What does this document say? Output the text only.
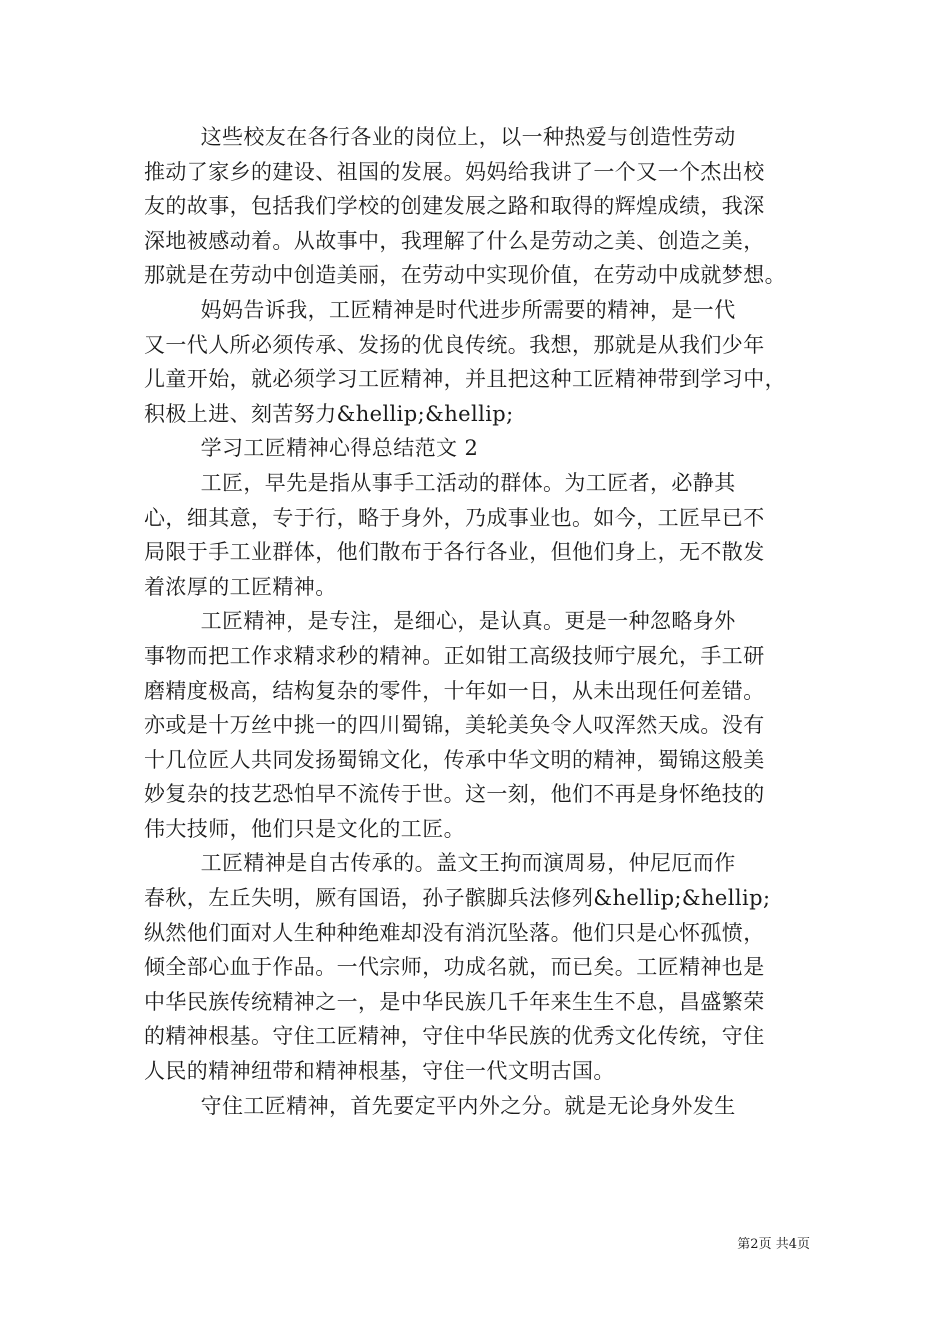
这些校友在各行各业的岗位上，以一种热爱与创造性劳动
推动了家乡的建设、祖国的发展。妈妈给我讲了一个又一个杰出校
友的故事，包括我们学校的创建发展之路和取得的辉煌成绩，我深
深地被感动着。从故事中，我理解了什么是劳动之美、创造之美，
那就是在劳动中创造美丽，在劳动中实现价值，在劳动中成就梦想。
妈妈告诉我，工匠精神是时代进步所需要的精神，是一代
又一代人所必须传承、发扬的优良传统。我想，那就是从我们少年
儿童开始，就必须学习工匠精神，并且把这种工匠精神带到学习中，
积极上进、刻苦努力&hellip;&hellip;
学习工匠精神心得总结范文 2
工匠，早先是指从事手工活动的群体。为工匠者，必静其
心，细其意，专于行，略于身外，乃成事业也。如今，工匠早已不
局限于手工业群体，他们散布于各行各业，但他们身上，无不散发
着浓厚的工匠精神。
工匠精神，是专注，是细心，是认真。更是一种忽略身外
事物而把工作求精求秒的精神。正如钳工高级技师宁展允，手工研
磨精度极高，结构复杂的零件，十年如一日，从未出现任何差错。
亦或是十万丝中挑一的四川蜀锦，美轮美奂令人叹浑然天成。没有
十几位匠人共同发扬蜀锦文化，传承中华文明的精神，蜀锦这般美
妙复杂的技艺恐怕早不流传于世。这一刻，他们不再是身怀绝技的
伟大技师，他们只是文化的工匠。
工匠精神是自古传承的。盖文王拘而演周易，仲尼厄而作
春秋，左丘失明，厥有国语，孙子髌脚兵法修列&hellip;&hellip;
纵然他们面对人生种种绝难却没有消沉坠落。他们只是心怀孤愤，
倾全部心血于作品。一代宗师，功成名就，而已矣。工匠精神也是
中华民族传统精神之一，是中华民族几千年来生生不息，昌盛繁荣
的精神根基。守住工匠精神，守住中华民族的优秀文化传统，守住
人民的精神纽带和精神根基，守住一代文明古国。
守住工匠精神，首先要定平内外之分。就是无论身外发生
第2页 共4页
